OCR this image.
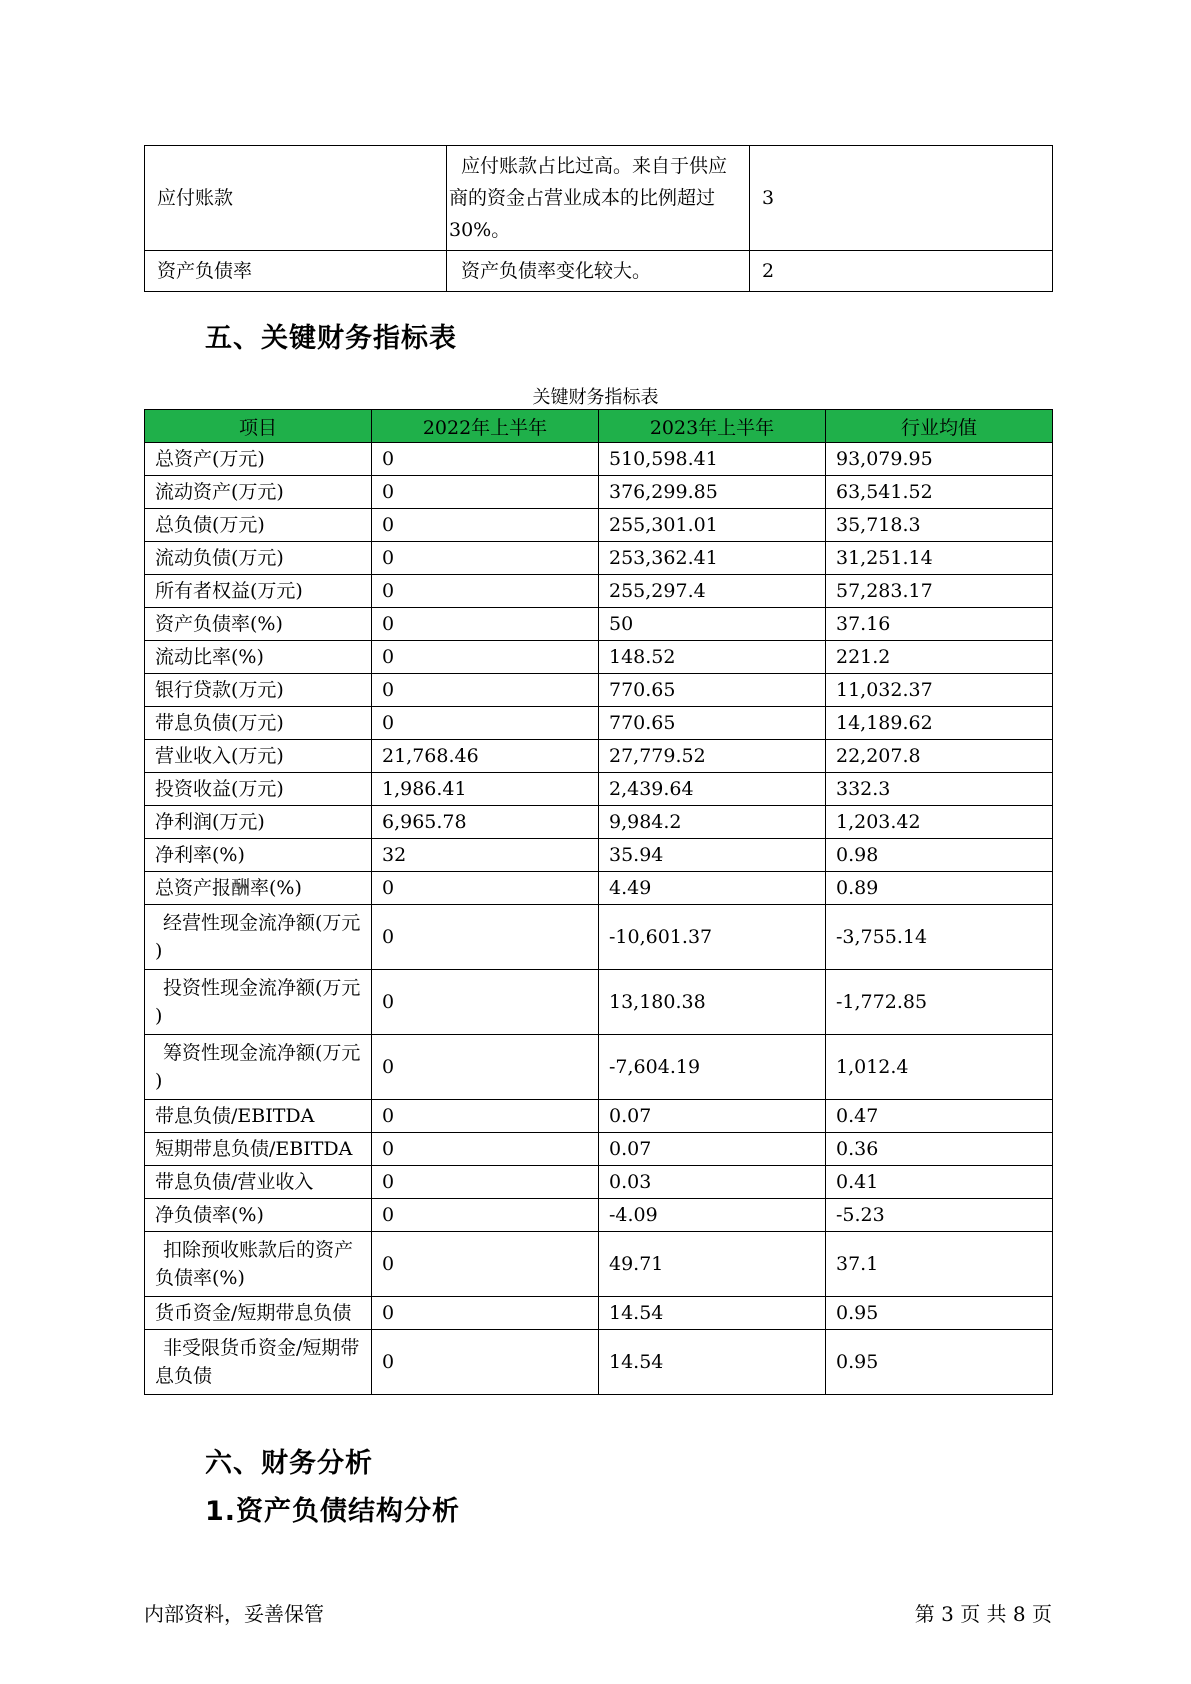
应付账款	应付账款占比过高。来自于供应
商的资金占营业成本的比例超过
30%。	3
资产负债率	资产负债率变化较大。	2
五、关键财务指标表
关键财务指标表
项目	2022年上半年	2023年上半年	行业均值

总资产(万元)	0	510,598.41	93,079.95

流动资产(万元)	0	376,299.85	63,541.52

总负债(万元)	0	255,301.01	35,718.3

流动负债(万元)	0	253,362.41	31,251.14

所有者权益(万元)	0	255,297.4	57,283.17

资产负债率(%)	0	50	37.16

流动比率(%)	0	148.52	221.2

银行贷款(万元)	0	770.65	11,032.37

带息负债(万元)	0	770.65	14,189.62

营业收入(万元)	21,768.46	27,779.52	22,207.8

投资收益(万元)	1,986.41	2,439.64	332.3

净利润(万元)	6,965.78	9,984.2	1,203.42

净利率(%)	32	35.94	0.98

总资产报酬率(%)	0	4.49	0.89

经营性现金流净额(万元
)	0	-10,601.37	-3,755.14

投资性现金流净额(万元
)	0	13,180.38	-1,772.85

筹资性现金流净额(万元
)	0	-7,604.19	1,012.4

带息负债/EBITDA	0	0.07	0.47

短期带息负债/EBITDA	0	0.07	0.36

带息负债/营业收入	0	0.03	0.41

净负债率(%)	0	-4.09	-5.23

扣除预收账款后的资产
负债率(%)	0	49.71	37.1

货币资金/短期带息负债	0	14.54	0.95

非受限货币资金/短期带
息负债	0	14.54	0.95
六、财务分析
1.资产负债结构分析
内部资料，妥善保管	第 3 页 共 8 页
